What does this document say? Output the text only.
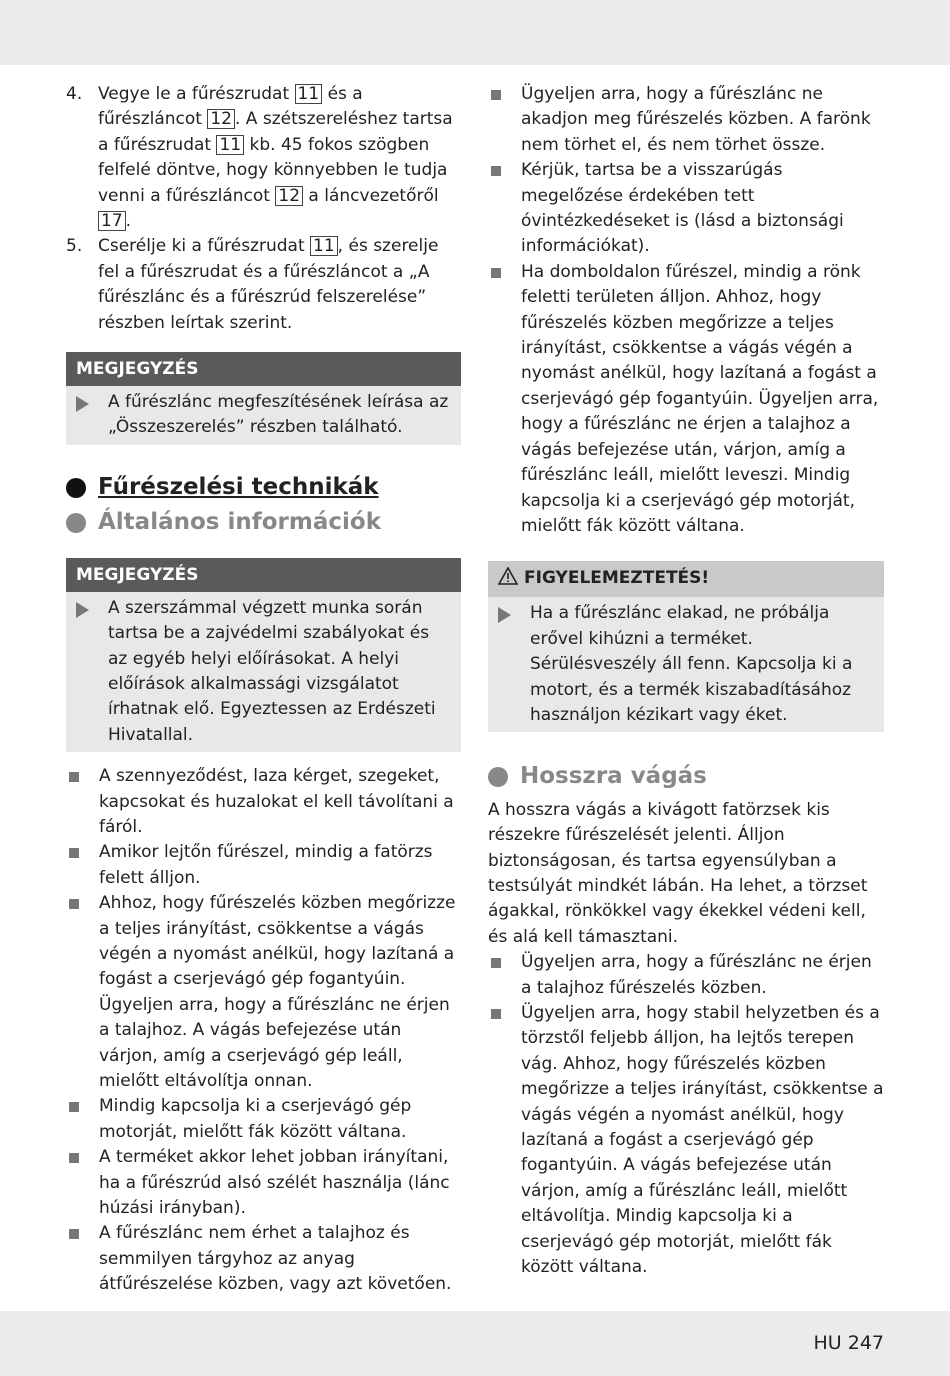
4. Vegye le a fűrészrudat 11 és a fűrészláncot 12 . A szétszereléshez tartsa a fűrészrudat 11 kb. 45 fokos szögben felfelé döntve, hogy könnyebben le tudja venni a fűrészláncot 12 a láncvezetőről 17 .

5. Cserélje ki a fűrészrudat 11 , és szerelje fel a fűrészrudat és a fűrészláncot a „A fűrészlánc és a fűrészrúd felszerelése” részben leírtak szerint.

MEGJEGYZÉS

A fűrészlánc megfeszítésének leírása az „Összeszerelés” részben található.

Fűrészelési technikák
Általános információk
MEGJEGYZÉS

A szerszámmal végzett munka során tartsa be a zajvédelmi szabályokat és az egyéb helyi előírásokat. A helyi előírások alkalmassági vizsgálatot írhatnak elő. Egyeztessen az Erdészeti Hivatallal.

A szennyeződést, laza kérget, szegeket, kapcsokat és huzalokat el kell távolítani a fáról.
Amikor lejtőn fűrészel, mindig a fatörzs felett álljon.
Ahhoz, hogy fűrészelés közben megőrizze a teljes irányítást, csökkentse a vágás végén a nyomást anélkül, hogy lazítaná a fogást a cserjevágó gép fogantyúin. Ügyeljen arra, hogy a fűrészlánc ne érjen a talajhoz. A vágás befejezése után várjon, amíg a cserjevágó gép leáll, mielőtt eltávolítja onnan.
Mindig kapcsolja ki a cserjevágó gép motorját, mielőtt fák között váltana.
A terméket akkor lehet jobban irányítani, ha a fűrészrúd alsó szélét használja (lánc húzási irányban).
A fűrészlánc nem érhet a talajhoz és semmilyen tárgyhoz az anyag átfűrészelése közben, vagy azt követően.
Ügyeljen arra, hogy a fűrészlánc ne akadjon meg fűrészelés közben. A farönk nem törhet el, és nem törhet össze.
Kérjük, tartsa be a visszarúgás megelőzése érdekében tett óvintézkedéseket is (lásd a biztonsági információkat).
Ha domboldalon fűrészel, mindig a rönk feletti területen álljon. Ahhoz, hogy fűrészelés közben megőrizze a teljes irányítást, csökkentse a vágás végén a nyomást anélkül, hogy lazítaná a fogást a cserjevágó gép fogantyúin. Ügyeljen arra, hogy a fűrészlánc ne érjen a talajhoz a vágás befejezése után, várjon, amíg a fűrészlánc leáll, mielőtt leveszi. Mindig kapcsolja ki a cserjevágó gép motorját, mielőtt fák között váltana.
FIGYELEMEZTETÉS!

Ha a fűrészlánc elakad, ne próbálja erővel kihúzni a terméket. Sérülésveszély áll fenn. Kapcsolja ki a motort, és a termék kiszabadításához használjon kézikart vagy éket.

Hosszra vágás

A hosszra vágás a kivágott fatörzsek kis részekre fűrészelését jelenti. Álljon biztonságosan, és tartsa egyensúlyban a testsúlyát mindkét lábán. Ha lehet, a törzset ágakkal, rönkökkel vagy ékekkel védeni kell, és alá kell támasztani.

Ügyeljen arra, hogy a fűrészlánc ne érjen a talajhoz fűrészelés közben.
Ügyeljen arra, hogy stabil helyzetben és a törzstől feljebb álljon, ha lejtős terepen vág. Ahhoz, hogy fűrészelés közben megőrizze a teljes irányítást, csökkentse a vágás végén a nyomást anélkül, hogy lazítaná a fogást a cserjevágó gép fogantyúin. A vágás befejezése után várjon, amíg a fűrészlánc leáll, mielőtt eltávolítja. Mindig kapcsolja ki a cserjevágó gép motorját, mielőtt fák között váltana.
HU 247
